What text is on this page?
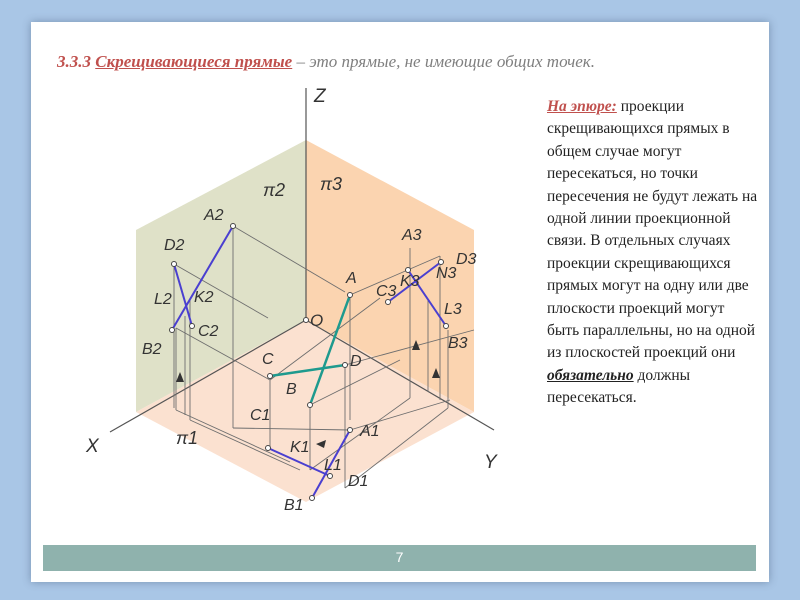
3.3.3 Скрещивающиеся прямые – это прямые, не имеющие общих точек.
Z
X
Y
O
π2 π3
π1
A
B
C	D
A1
B1
C1
D1
K1
L1
A2
B2
C2
D2
K2
L2
A3
B3
C3
D3
K3
L3
N3
На эпюре: проекции скрещивающихся прямых в общем случае могут пересекаться, но точки пересечения не будут лежать на одной линии проекционной связи. В отдельных случаях проекции скрещивающихся прямых могут на одну или две плоскости проекций могут быть параллельны, но на одной из плоскостей проекций они обязательно должны пересекаться.
7
